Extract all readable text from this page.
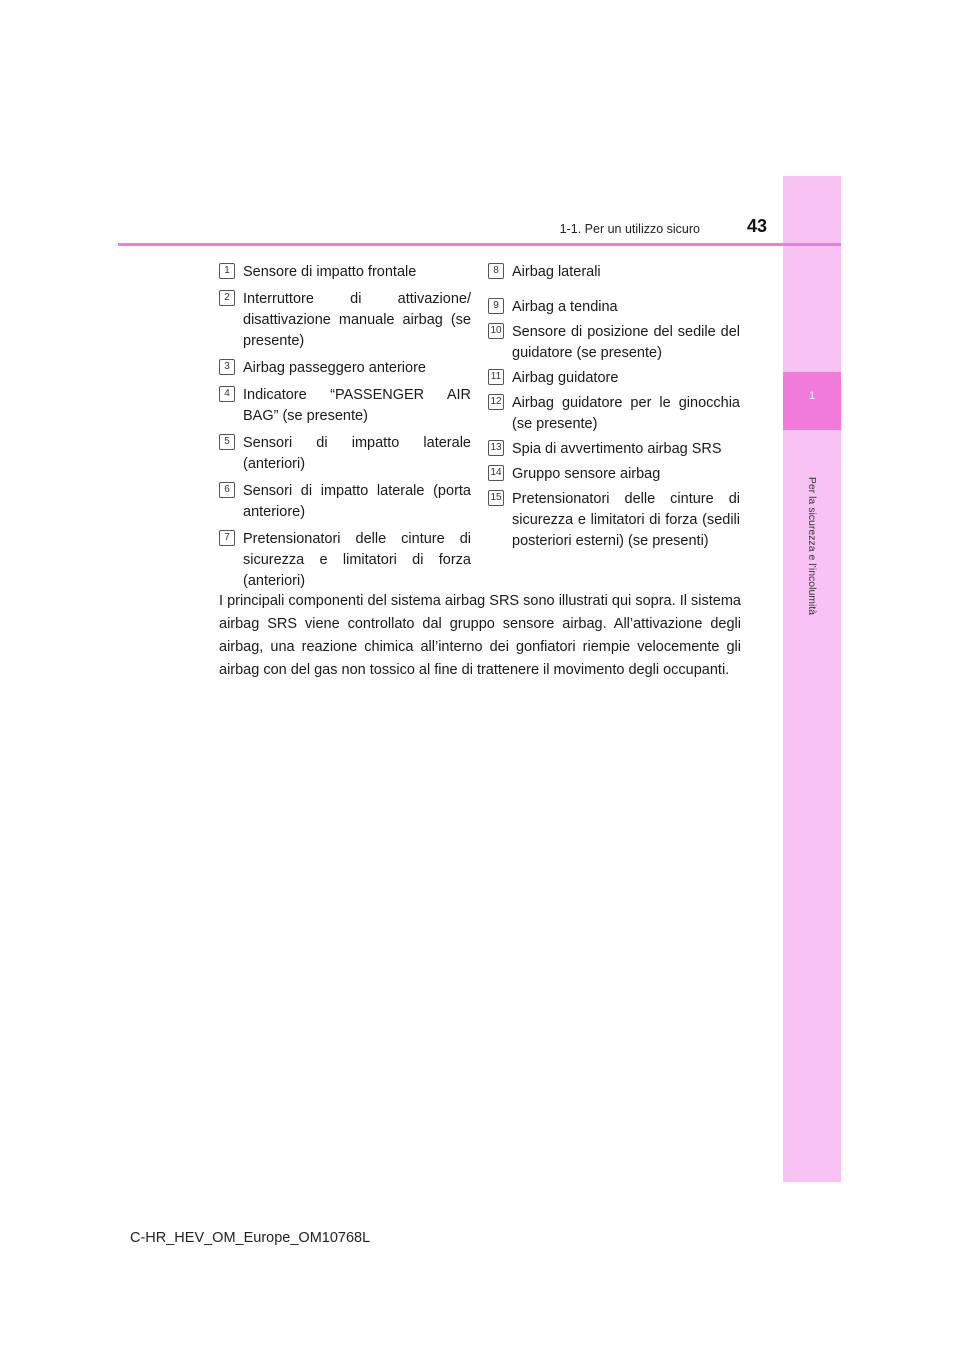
1
Per la sicurezza e l’incolumità
1-1. Per un utilizzo sicuro	43
1 Sensore di impatto frontale
2 Interruttore di attivazione/ disattivazione manuale airbag (se presente)
3 Airbag passeggero anteriore
4 Indicatore “PASSENGER AIR BAG” (se presente)
5 Sensori di impatto laterale (anteriori)
6 Sensori di impatto laterale (porta anteriore)
7 Pretensionatori delle cinture di sicurezza e limitatori di forza (anteriori)
8 Airbag laterali
9 Airbag a tendina
10 Sensore di posizione del sedile del guidatore (se presente)
11 Airbag guidatore
12 Airbag guidatore per le ginocchia (se presente)
13 Spia di avvertimento airbag SRS
14 Gruppo sensore airbag
15 Pretensionatori delle cinture di sicurezza e limitatori di forza (sedili posteriori esterni) (se presenti)
I principali componenti del sistema airbag SRS sono illustrati qui sopra. Il sistema airbag SRS viene controllato dal gruppo sensore airbag. All’attivazione degli airbag, una reazione chimica all’interno dei gonfiatori riempie velocemente gli airbag con del gas non tossico al fine di trattenere il movimento degli occupanti.
C-HR_HEV_OM_Europe_OM10768L
